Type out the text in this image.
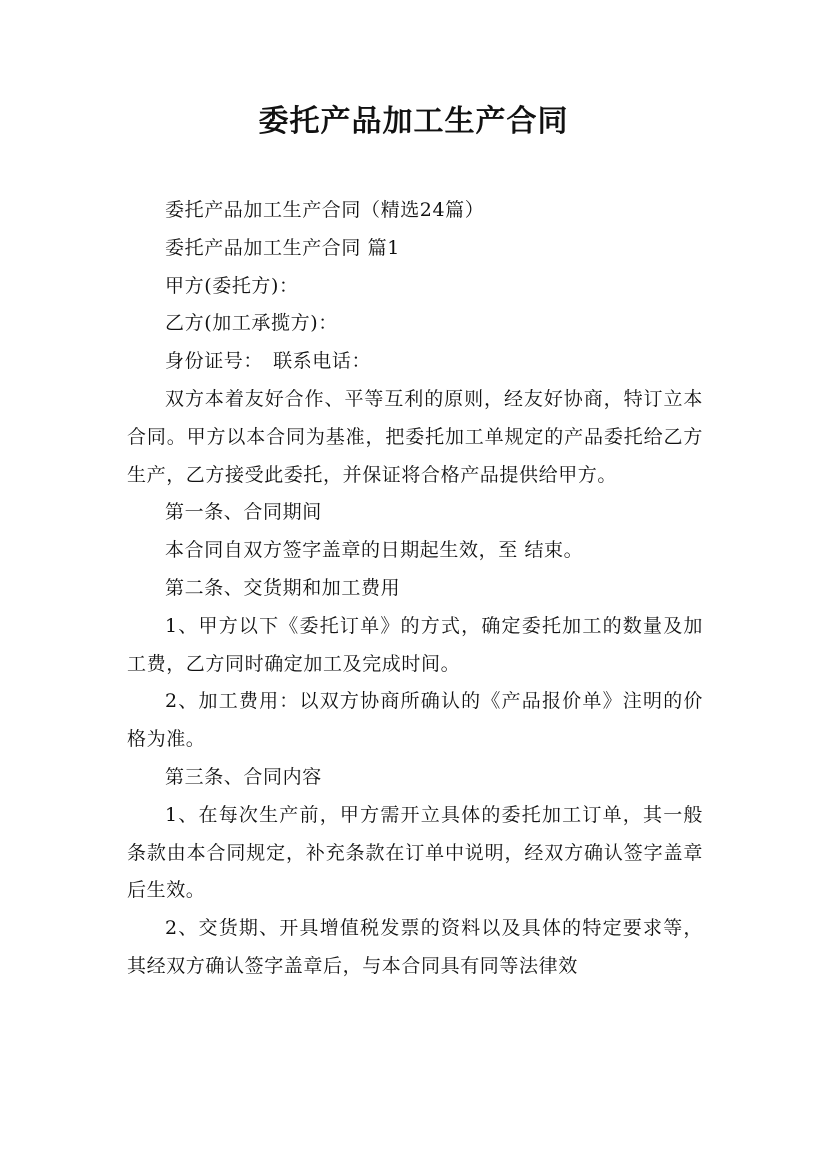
委托产品加工生产合同

委托产品加工生产合同（精选24篇）

委托产品加工生产合同 篇1

甲方(委托方)：

乙方(加工承揽方)：

身份证号：　联系电话：

双方本着友好合作、平等互利的原则，经友好协商，特订立本合同。甲方以本合同为基准，把委托加工单规定的产品委托给乙方生产，乙方接受此委托，并保证将合格产品提供给甲方。

第一条、合同期间

本合同自双方签字盖章的日期起生效，至 结束。

第二条、交货期和加工费用

1、甲方以下《委托订单》的方式，确定委托加工的数量及加工费，乙方同时确定加工及完成时间。

2、加工费用：以双方协商所确认的《产品报价单》注明的价格为准。

第三条、合同内容

1、在每次生产前，甲方需开立具体的委托加工订单，其一般条款由本合同规定，补充条款在订单中说明，经双方确认签字盖章后生效。

2、交货期、开具增值税发票的资料以及具体的特定要求等，其经双方确认签字盖章后，与本合同具有同等法律效
